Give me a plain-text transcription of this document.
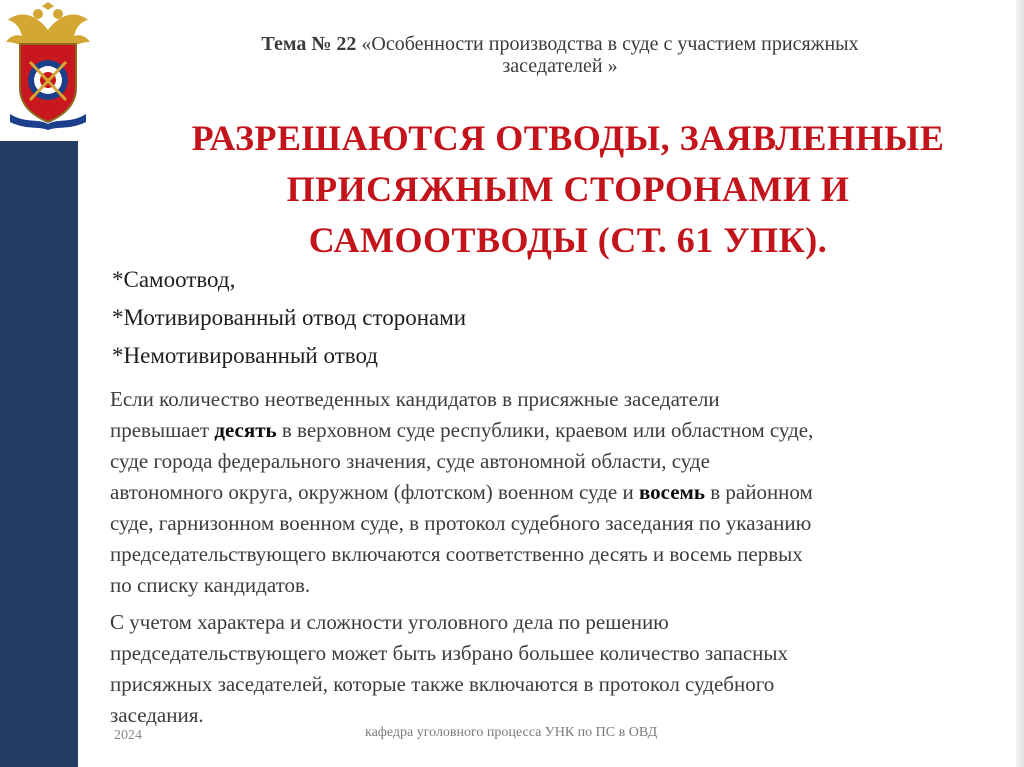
Тема № 22 «Особенности производства в суде с участием присяжных
заседателей »
РАЗРЕШАЮТСЯ ОТВОДЫ, ЗАЯВЛЕННЫЕ
ПРИСЯЖНЫМ СТОРОНАМИ И
САМООТВОДЫ (СТ. 61 УПК).
*Самоотвод,
*Мотивированный отвод сторонами
*Немотивированный отвод
Если количество неотведенных кандидатов в присяжные заседатели
превышает десять в верховном суде республики, краевом или областном суде,
суде города федерального значения, суде автономной области, суде
автономного округа, окружном (флотском) военном суде и восемь в районном
суде, гарнизонном военном суде, в протокол судебного заседания по указанию
председательствующего включаются соответственно десять и восемь первых
по списку кандидатов.
С учетом характера и сложности уголовного дела по решению
председательствующего может быть избрано большее количество запасных
присяжных заседателей, которые также включаются в протокол судебного
заседания.
2024	кафедра уголовного процесса УНК по ПС в ОВД
